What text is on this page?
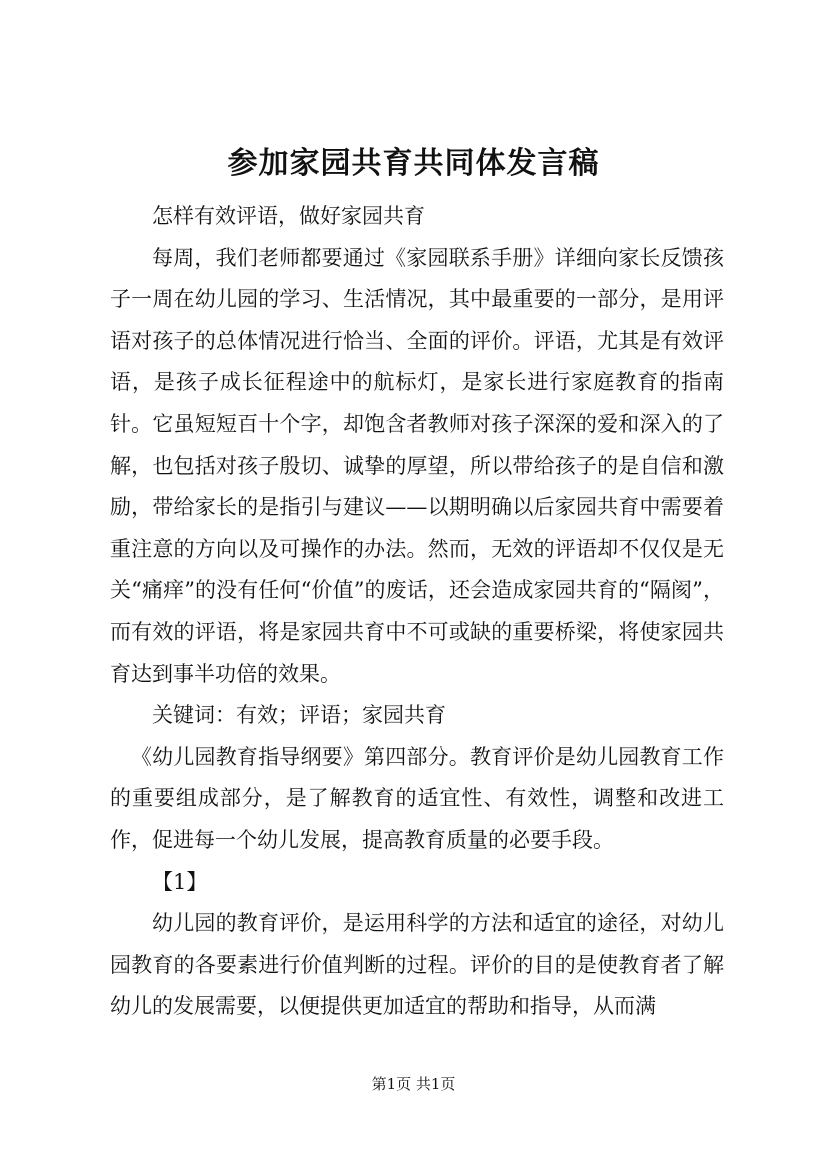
参加家园共育共同体发言稿

怎样有效评语，做好家园共育

每周，我们老师都要通过《家园联系手册》详细向家长反馈孩子一周在幼儿园的学习、生活情况，其中最重要的一部分，是用评语对孩子的总体情况进行恰当、全面的评价。评语，尤其是有效评语，是孩子成长征程途中的航标灯，是家长进行家庭教育的指南针。它虽短短百十个字，却饱含者教师对孩子深深的爱和深入的了解，也包括对孩子殷切、诚挚的厚望，所以带给孩子的是自信和激励，带给家长的是指引与建议——以期明确以后家园共育中需要着重注意的方向以及可操作的办法。然而，无效的评语却不仅仅是无关“痛痒”的没有任何“价值”的废话，还会造成家园共育的“隔阂”，而有效的评语，将是家园共育中不可或缺的重要桥梁，将使家园共育达到事半功倍的效果。

关键词：有效；评语；家园共育

《幼儿园教育指导纲要》第四部分。教育评价是幼儿园教育工作的重要组成部分，是了解教育的适宜性、有效性，调整和改进工作，促进每一个幼儿发展，提高教育质量的必要手段。

【1】

幼儿园的教育评价，是运用科学的方法和适宜的途径，对幼儿园教育的各要素进行价值判断的过程。评价的目的是使教育者了解幼儿的发展需要，以便提供更加适宜的帮助和指导，从而满

第1页 共1页
